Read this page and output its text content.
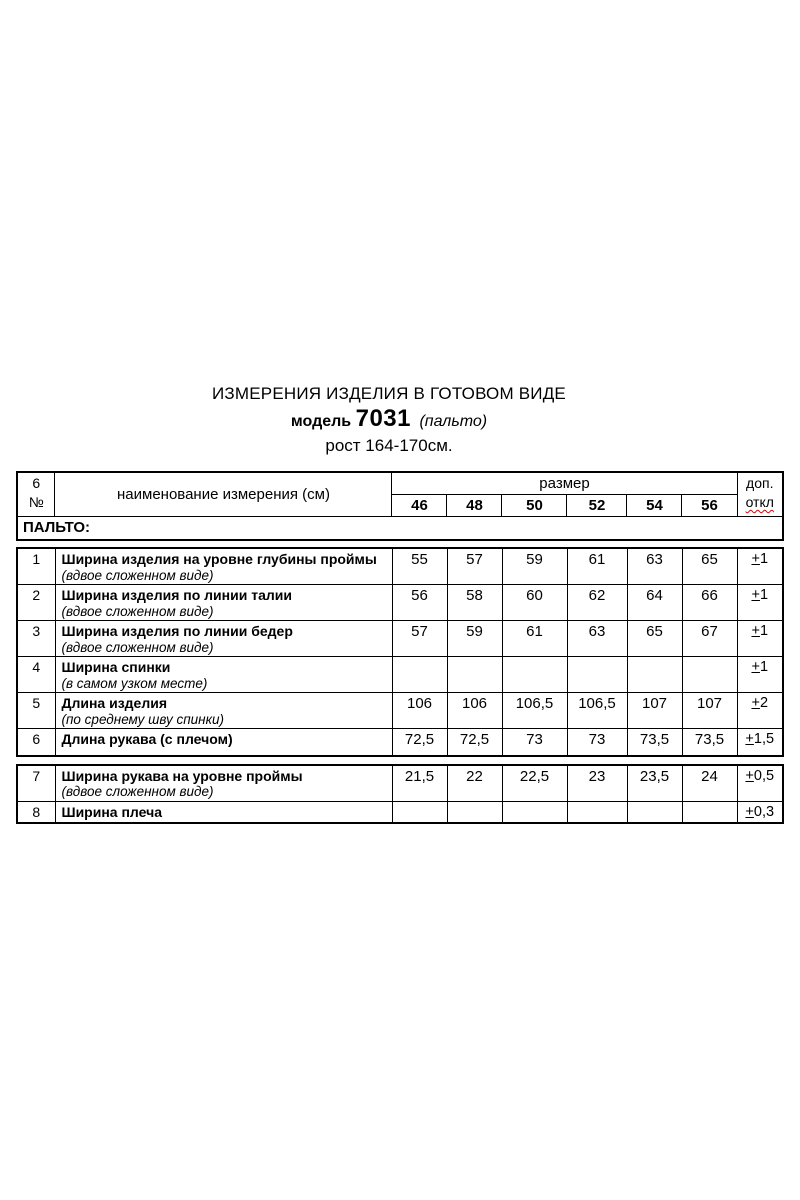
ИЗМЕРЕНИЯ ИЗДЕЛИЯ В ГОТОВОМ ВИДЕ
модель 7031 (пальто)
рост 164-170см.
6
№	наименование измерения (см)	размер	доп.
откл

		46	48	50	52	54	56	
ПАЛЬТО:								
1	Ширина изделия на уровне глубины проймы
(вдвое сложенном виде)	55	57	59	61	63	65	+1
2	Ширина изделия по линии талии
(вдвое сложенном виде)	56	58	60	62	64	66	+1
3	Ширина изделия по линии бедер
(вдвое сложенном виде)	57	59	61	63	65	67	+1
4	Ширина спинки
(в самом узком месте)							+1
5	Длина изделия
(по среднему шву спинки)	106	106	106,5	106,5	107	107	+2
6	Длина рукава (с плечом)	72,5	72,5	73	73	73,5	73,5	+1,5
7	Ширина рукава на уровне проймы
(вдвое сложенном виде)	21,5	22	22,5	23	23,5	24	+0,5
8	Ширина плеча							+0,3
